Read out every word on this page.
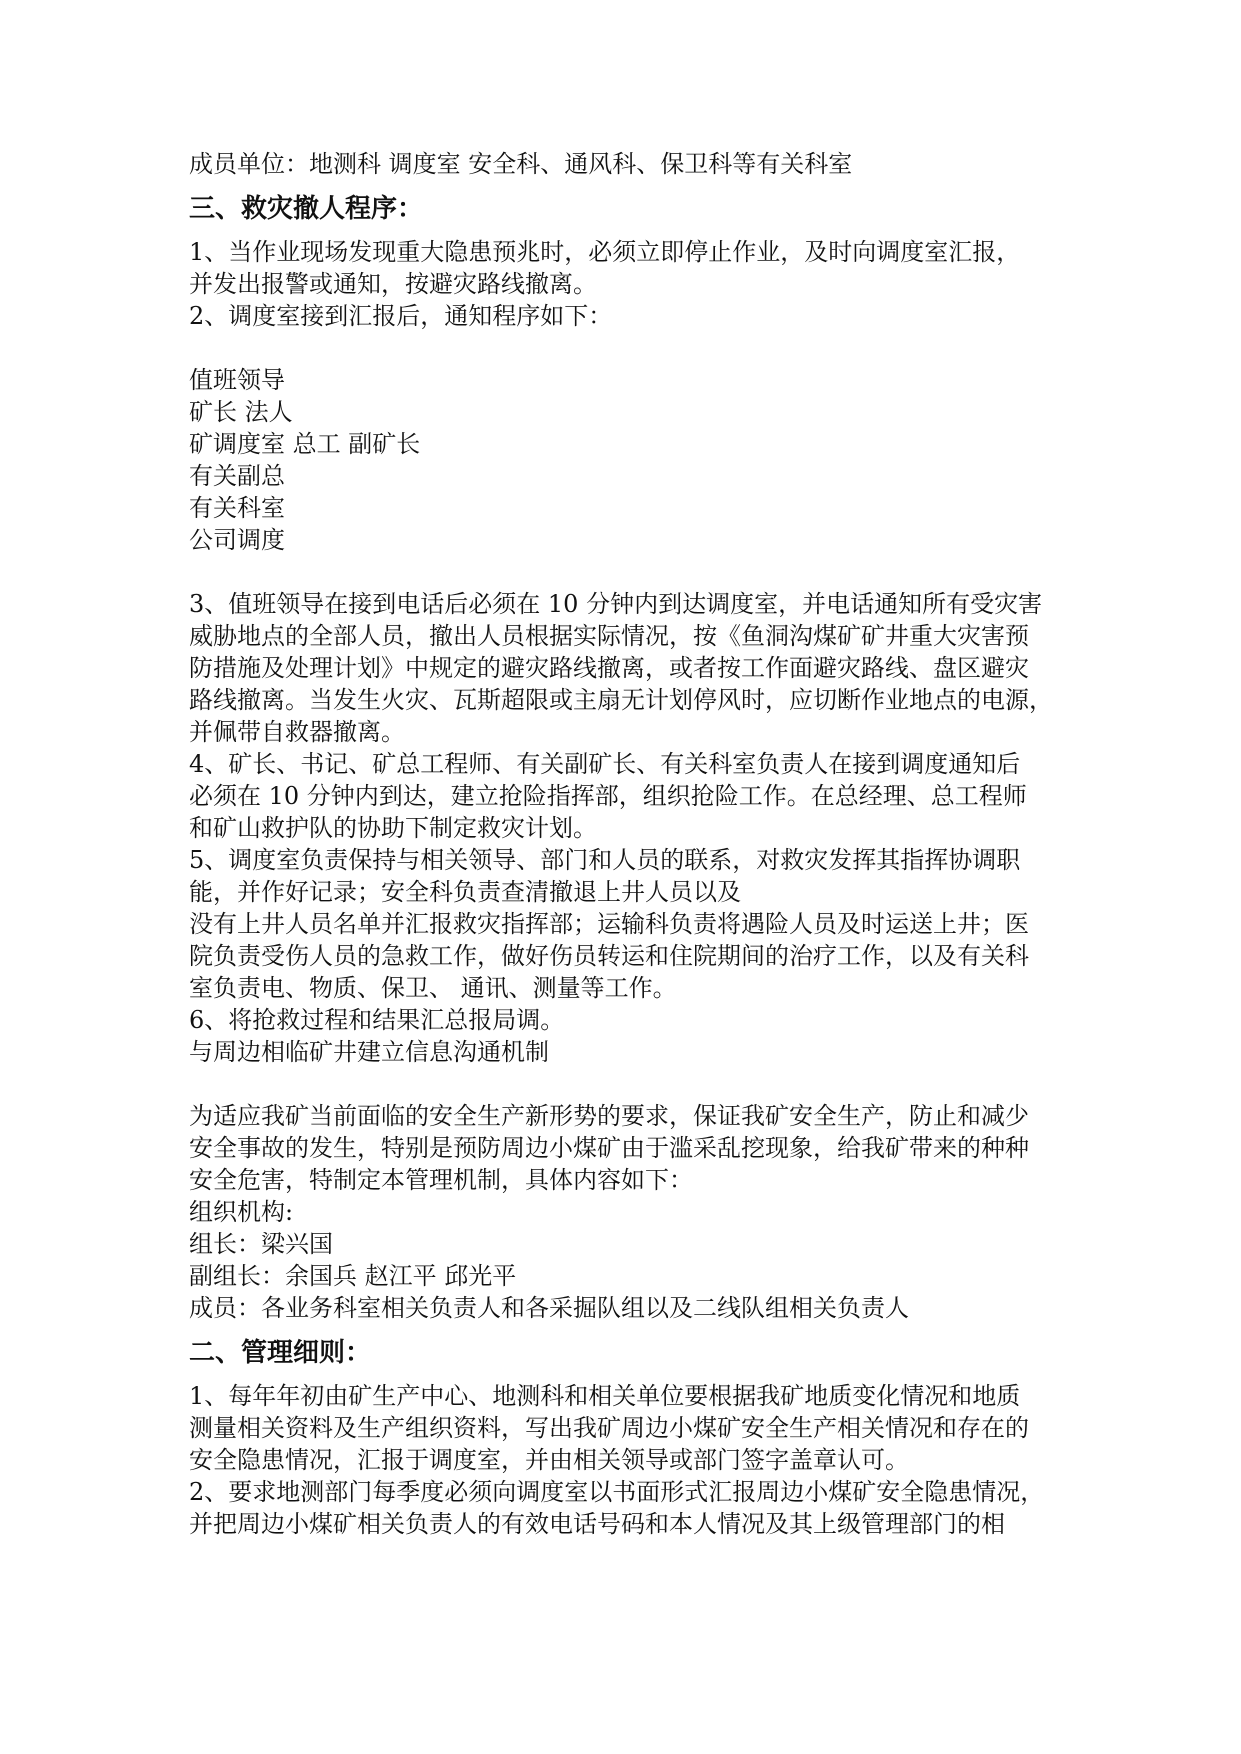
成员单位：地测科 调度室 安全科、通风科、保卫科等有关科室

三、救灾撤人程序：

1、当作业现场发现重大隐患预兆时，必须立即停止作业，及时向调度室汇报，

并发出报警或通知，按避灾路线撤离。

2、调度室接到汇报后，通知程序如下：

值班领导

矿长 法人

矿调度室 总工 副矿长

有关副总

有关科室

公司调度

3、值班领导在接到电话后必须在 10 分钟内到达调度室，并电话通知所有受灾害

威胁地点的全部人员，撤出人员根据实际情况，按《鱼洞沟煤矿矿井重大灾害预

防措施及处理计划》中规定的避灾路线撤离，或者按工作面避灾路线、盘区避灾

路线撤离。当发生火灾、瓦斯超限或主扇无计划停风时，应切断作业地点的电源，

并佩带自救器撤离。

4、矿长、书记、矿总工程师、有关副矿长、有关科室负责人在接到调度通知后

必须在 10 分钟内到达，建立抢险指挥部，组织抢险工作。在总经理、总工程师

和矿山救护队的协助下制定救灾计划。

5、调度室负责保持与相关领导、部门和人员的联系，对救灾发挥其指挥协调职

能，并作好记录；安全科负责查清撤退上井人员以及

没有上井人员名单并汇报救灾指挥部；运输科负责将遇险人员及时运送上井；医

院负责受伤人员的急救工作，做好伤员转运和住院期间的治疗工作，以及有关科

室负责电、物质、保卫、 通讯、测量等工作。

6、将抢救过程和结果汇总报局调。

与周边相临矿井建立信息沟通机制

为适应我矿当前面临的安全生产新形势的要求，保证我矿安全生产，防止和减少

安全事故的发生，特别是预防周边小煤矿由于滥采乱挖现象，给我矿带来的种种

安全危害，特制定本管理机制，具体内容如下：

组织机构:

组长：梁兴国

副组长：余国兵 赵江平 邱光平

成员：各业务科室相关负责人和各采掘队组以及二线队组相关负责人

二、管理细则：

1、每年年初由矿生产中心、地测科和相关单位要根据我矿地质变化情况和地质

测量相关资料及生产组织资料，写出我矿周边小煤矿安全生产相关情况和存在的

安全隐患情况，汇报于调度室，并由相关领导或部门签字盖章认可。

2、要求地测部门每季度必须向调度室以书面形式汇报周边小煤矿安全隐患情况，

并把周边小煤矿相关负责人的有效电话号码和本人情况及其上级管理部门的相
